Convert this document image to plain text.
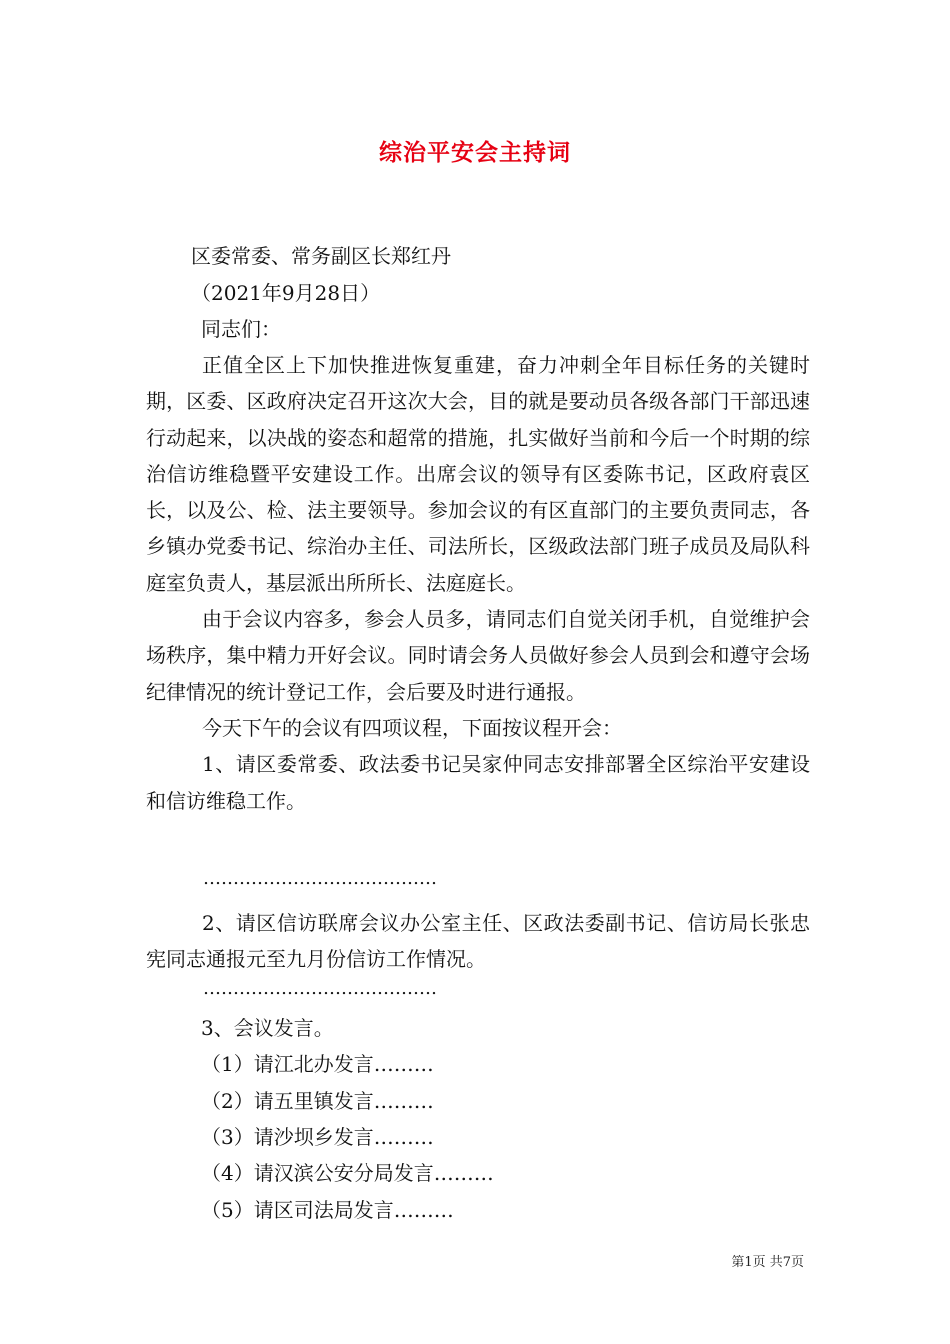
综治平安会主持词
区委常委、常务副区长郑红丹
（2021年9月28日）
同志们：

正值全区上下加快推进恢复重建，奋力冲刺全年目标任务的关键时期，区委、区政府决定召开这次大会，目的就是要动员各级各部门干部迅速行动起来，以决战的姿态和超常的措施，扎实做好当前和今后一个时期的综治信访维稳暨平安建设工作。出席会议的领导有区委陈书记，区政府袁区长，以及公、检、法主要领导。参加会议的有区直部门的主要负责同志，各乡镇办党委书记、综治办主任、司法所长，区级政法部门班子成员及局队科庭室负责人，基层派出所所长、法庭庭长。

由于会议内容多，参会人员多，请同志们自觉关闭手机，自觉维护会场秩序，集中精力开好会议。同时请会务人员做好参会人员到会和遵守会场纪律情况的统计登记工作，会后要及时进行通报。

今天下午的会议有四项议程，下面按议程开会：

1、请区委常委、政法委书记吴家仲同志安排部署全区综治平安建设和信访维稳工作。

…………………………………

2、请区信访联席会议办公室主任、区政法委副书记、信访局长张忠宪同志通报元至九月份信访工作情况。

…………………………………
3、会议发言。
（1）请江北办发言………
（2）请五里镇发言………
（3）请沙坝乡发言………
（4）请汉滨公安分局发言………
（5）请区司法局发言………
第1页 共7页
